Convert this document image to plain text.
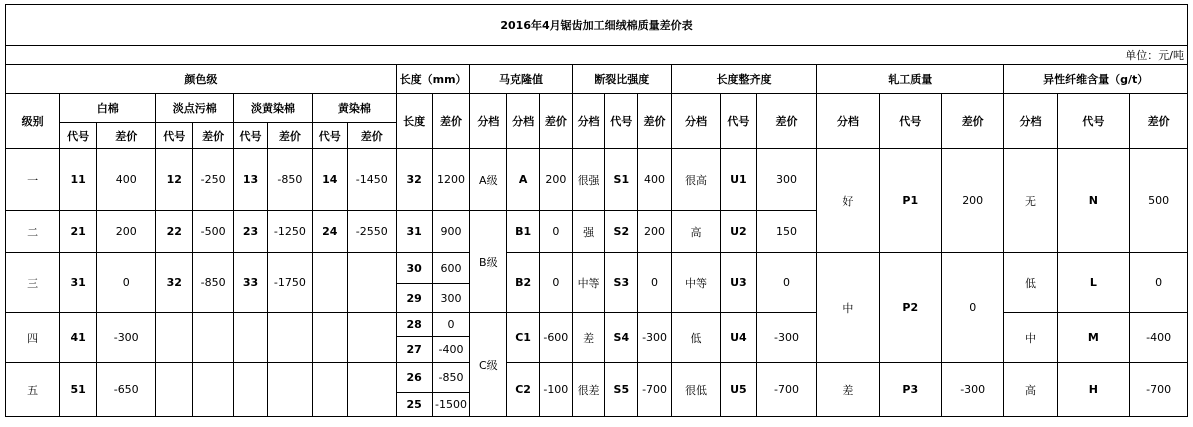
2016年4月锯齿加工细绒棉质量差价表																									
单位：元/吨																									
颜色级									长度（mm）		马克隆值			断裂比强度			长度整齐度			轧工质量			异性纤维含量（g/t）		
级别	白棉		淡点污棉		淡黄染棉		黄染棉		长度	差价	分档	分档	差价	分档	代号	差价	分档	代号	差价	分档	代号	差价	分档	代号	差价
	代号	差价	代号	差价	代号	差价	代号	差价																	
一	11	400	12	-250	13	-850	14	-1450	32	1200	A级	A	200	很强	S1	400	很高	U1	300	好	P1	200	无	N	500
二	21	200	22	-500	23	-1250	24	-2550	31	900	B级	B1	0	强	S2	200	高	U2	150						
三	31	0	32	-850	33	-1750			30	600		B2	0	中等	S3	0	中等	U3	0	中	P2	0	低	L	0
									29	300															
四	41	-300							28	0	C级	C1	-600	差	S4	-300	低	U4	-300				中	M	-400
									27	-400															
五	51	-650							26	-850		C2	-100	很差	S5	-700	很低	U5	-700	差	P3	-300	高	H	-700
									25	-1500															
